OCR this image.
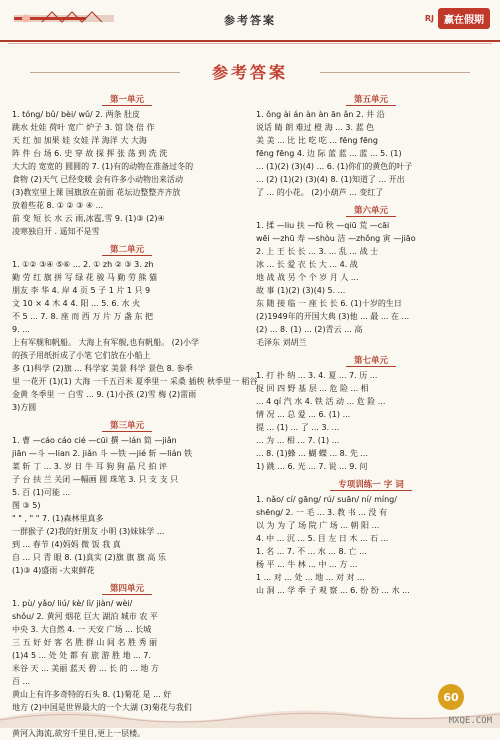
参考答案	RJ	赢在假期
参考答案
第一单元
1. tóng/ bǔ/ bèi/ wǔ/ 2. 两条 肚皮
跳水 灶娃 荷叶 宽广 炉子 3. 馆 饶 倍 作
天 红 加 加果 娃 女娃 洋 海洋 大 大海
阵 件 台 场 6. 史 穿 故 探 挥 张 荡 到 洗 洗
大大的 宽宽的 圆圆的 7. (1)有的动物在准备过冬的
食物 (2)天气 已经变暖 会有许多小动物出来活动
(3)教室里上课 国旗放在前面 花坛边整整齐齐放
放着些花 8. ① ② ③ ④ ...
前 变 短 长 水 云 雨,冰雹,雪 9. (1)③ (2)④
凌寒独自开 . 遥知不是雪
第二单元
1. ①② ③④ ⑤⑥ ... 2. ① zh ② ③ 3. zh
勤 劳 红 旗 拼 写 绿 花 骏 马 勤 劳 熊 猫
朋友 李 华 4. 岸 4 页 5 子 1 片 1 只 9
文 10 × 4 木 4 4. 阳 ... 5. 6. 水 火
不 5 ... 7. 8. 座 而 西 万 片 万 盏 东 把
9. ...
上有军舰和帆船。 大海上有军舰,也有帆船。 (2)小学
的孩子用纸折成了小笔 它们放在小船上
多 (1)科学 (2)旗 ... 科学家 美景 科学 景色 8. 参季
里 一花开 (1)(1) 大海 一千五百米 夏季里一 采桑 插秧 秋季里一 稻谷
金黄 冬季里 一 白雪 ... 9. (1)小孩 (2)雪 梅 (2)雷雨
3)方圆
第三单元
1. 曹 —cáo cáo cié —cūi 撰 —lán 简 —jiǎn
jiān —斗 —lian 2. jiǎn 斗 —铁 —jié 斩 —lián 铁
菜 斩 丁 ... 3. 岁 日 牛 耳 狗 狗 晶 尺 拍 评
子 台 扶 兰 关闭 —幅画 圆 珠笔 3. 只 支 支 只
5. 百 (1)可能 ...
图 ③ 5)
" " , " " 7. (1)森林里真多
一群猴子 (2)我的好朋友 小明 (3)妹妹学 ...
到 ... 春节 (4)妈妈 微 饭 我 真
自 ... 只 青 眼 8. (1)真实 (2)旗 旗 旗 高 乐
(1)③ 4)盛雨 -大束鲜花
第四单元
1. pù/ yǎo/ liú/ kè/ lì/ jiàn/ wèi/
shǒu/ 2. 黄河 烟花 巨大 湖泊 城市 农 平
中央 3. 大自然 4. 一 天安 广场 ... 长城
三 五 好 好 客 名 胜 群 山 间 名 胜 秀 丽
(1)4 5 ... 处 处 都 有 旅 游 胜 地 ... 7.
米谷 天 ... 美丽 蓝天 碧 ... 长 的 ... 地 方
百 ...
黄山上有许多奇特的石头 8. (1)菊花 是 ... 好
地方 (2)中国是世界最大的一个大湖 (3)菊花与我们
黄河入海流,欲穷千里目,更上一层楼。
第五单元
1. ǒng ài án àn àn ān ǎn 2. 井 沿
说话 睛 朗 难过 橙 海 ... 3. 蓝 色
美 美 ... 比 比 吃 吃 ... fēng fēng
fēng fēng 4. 边 际 蓝 蓝 ... 蓝 ... 5. (1)
... (1)(2) (3)(4) ... 6. (1)你们的黄色的叶子
... (2) (1)(2) (3)(4) 8. (1)知道了 ... 开出
了 ... 的小花。 (2)小葫芦 ... 变红了
第六单元
1. 揉 —liu 扶 —fǔ 秋 —qiū 荒 —cāi
wēi —zhū 寿 —shòu 洁 —zhǒng 寅 —jiāo
2. 上 王 长 长 ... 3. ... 乱 ... 战 士
冰 ... 长 爱 衣 长 大 ... 4. 战
地 战 战 另 个 个 岁 月 人 ...
故 事 (1)(2) (3)(4) 5. ...
东 随 接 临 一 座 长 长 6. (1)十岁的生日
(2)1949年的开国大典 (3)他 ... 最 ... 在 ...
(2) ... 8. (1) ... (2)青云 ... 高
毛泽东 刘胡兰
第七单元
1. 打 扑 纳 ... 3. 4. 夏 ... 7. 历 ...
捉 回 四 野 基 层 ... 危 险 ... 相
... 4 qí 汽 水 4. 铁 活 动 ... 危 险 ...
情 况 ... 总 爱 ... 6. (1) ...
提 ... (1) ... 了 ... 3. ...
... 为 ... 相 ... 7. (1) ...
... 8. (1)蜂 ... 蝴 蝶 ... 8. 先 ...
1) 跳 ... 6. 光 ... 7. 说 ... 9. 问
专项训练一 字 词
1. nǎo/ cí/ gāng/ rú/ suān/ ní/ míng/
shēng/ 2. 一 毛 ... 3. 教 书 ... 没 有
以 为 为 了 场 院 广 场 ... 朝 阳 ...
4. 中 ... 沉 ... 5. 目 左 日 木 ... 石 ...
1. 名 ... 7. 不 ... 水 ... 8. 亡 ...
杨 平 ... 牛 林 ... 中 ... 方 ...
1 ... 对 ... 处 ... 地 ... 对 对 ...
山 洞 ... 学 季 子 观 察 ... 6. 纷 纷 ... 水 ...
60
MXQE.COM
